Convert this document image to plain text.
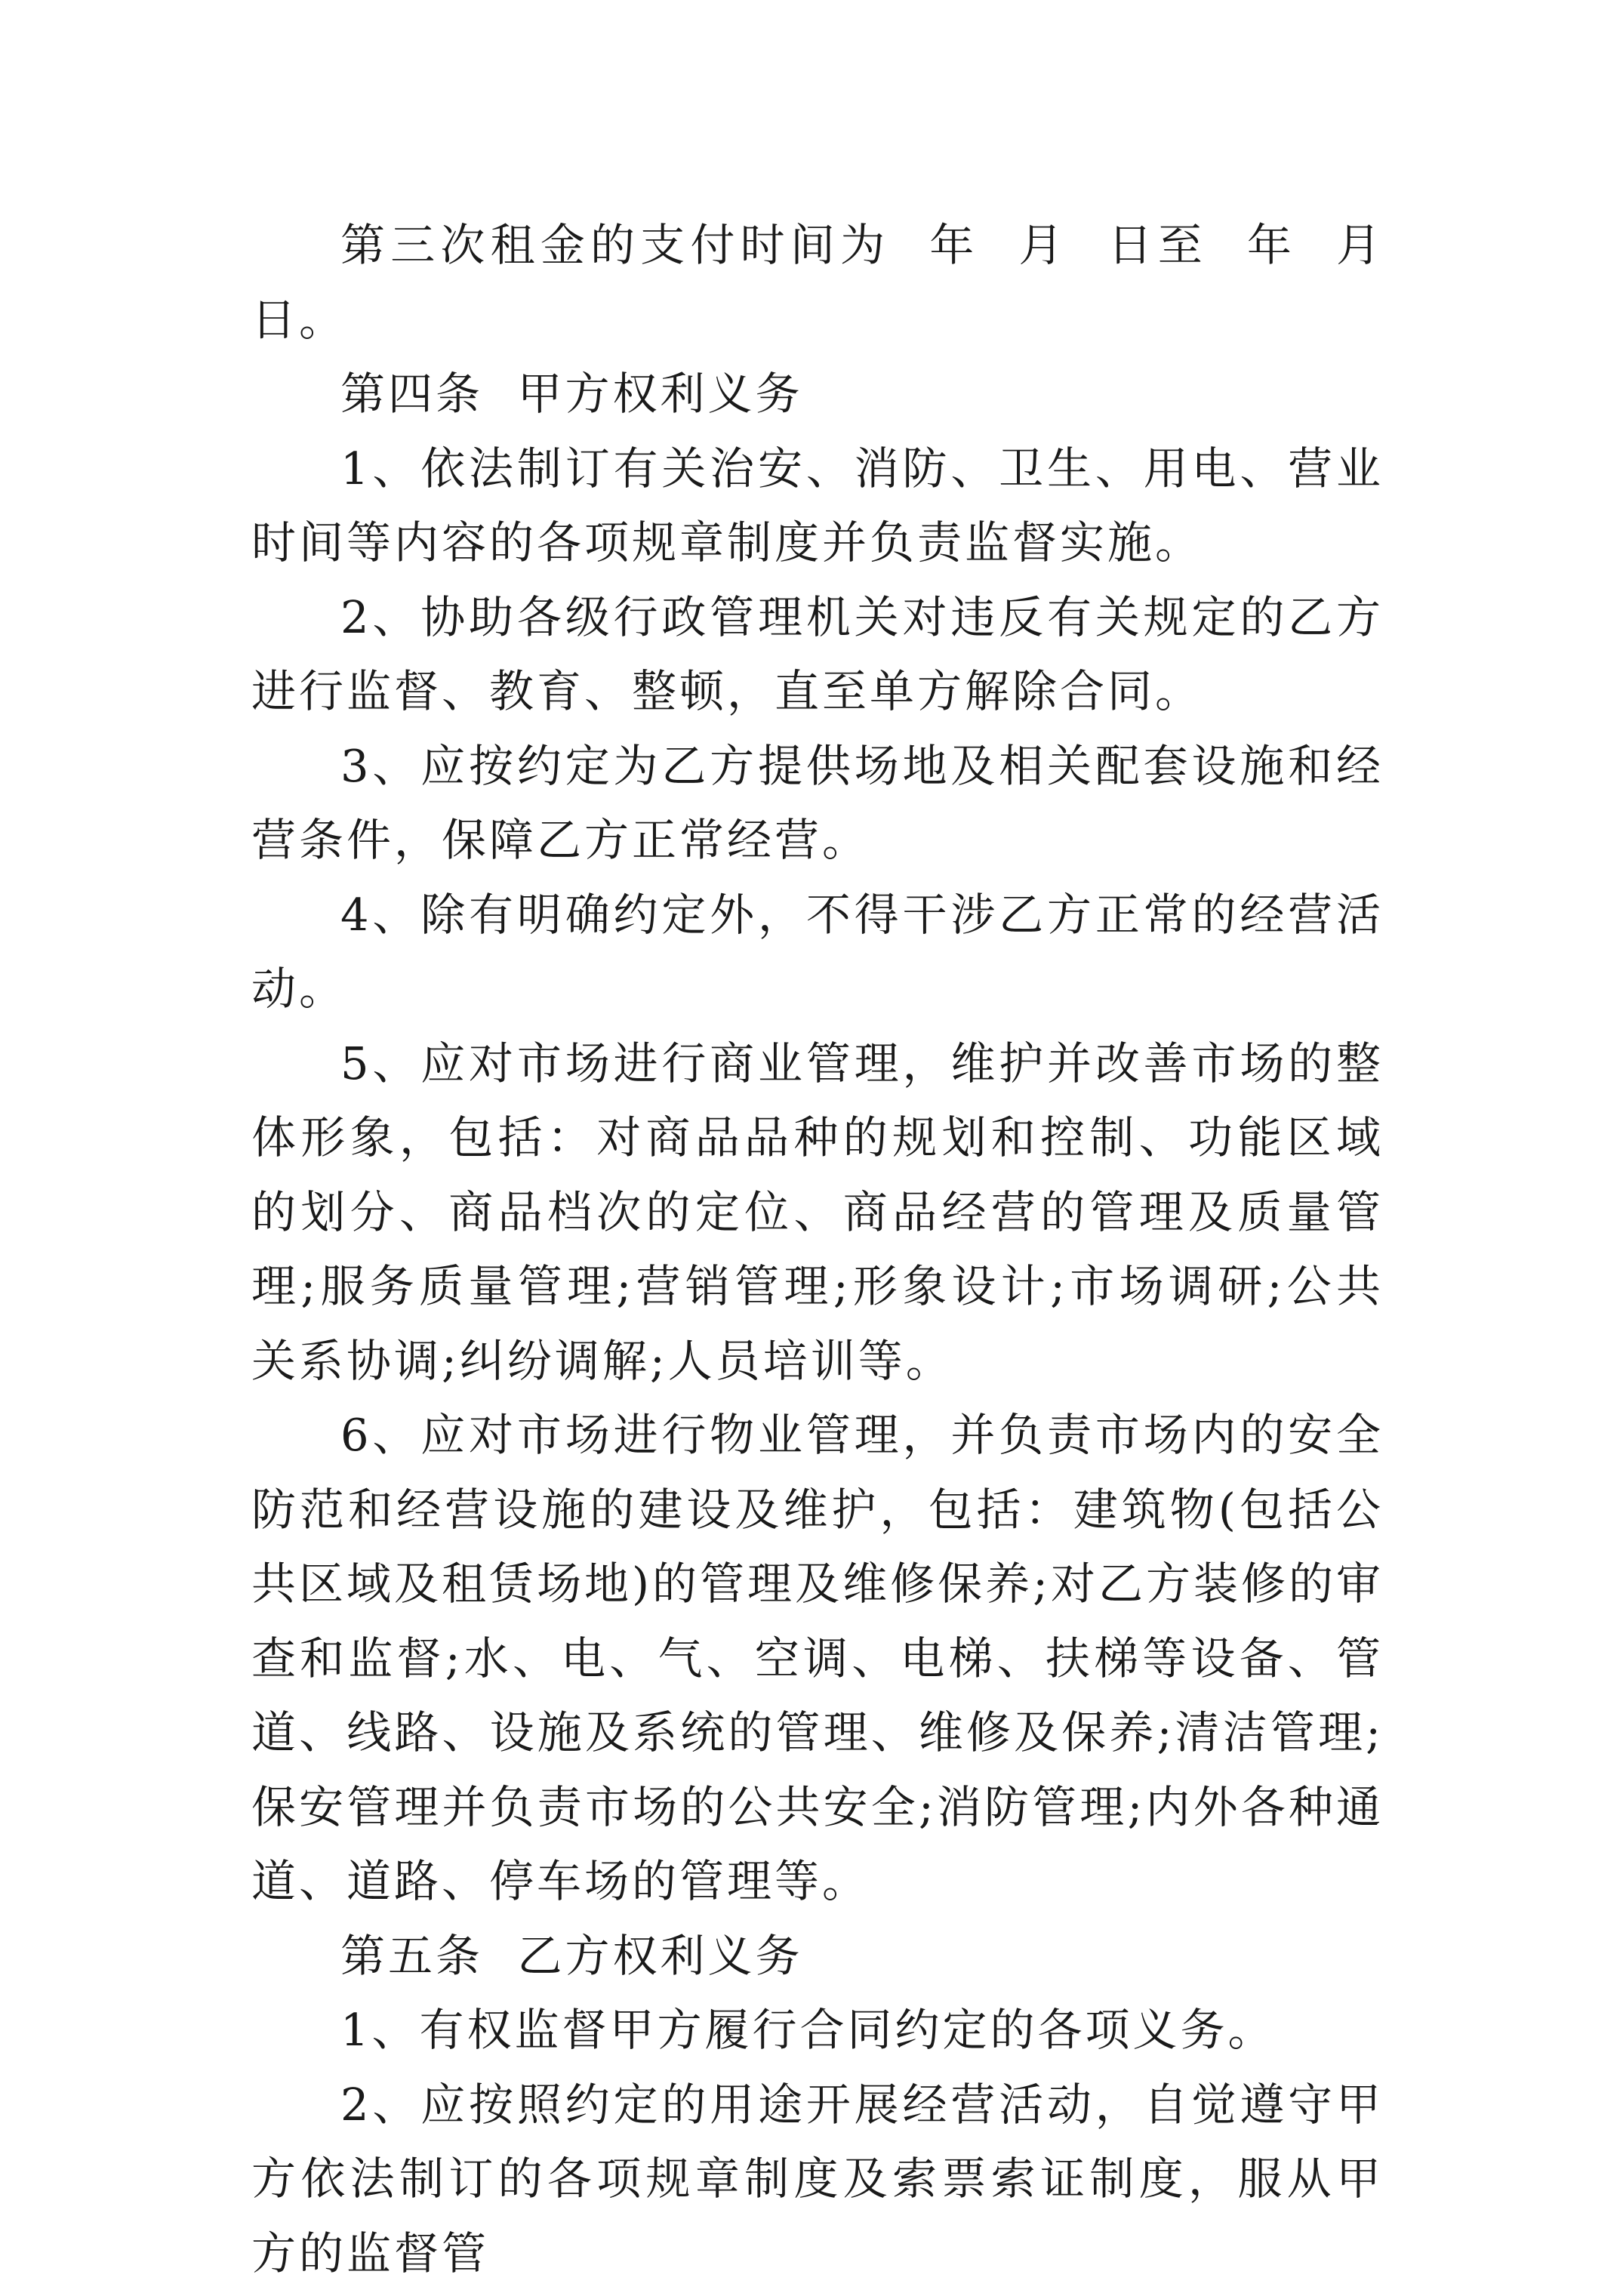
第三次租金的支付时间为  年  月  日至  年  月  日。

第四条  甲方权利义务

1、依法制订有关治安、消防、卫生、用电、营业时间等内容的各项规章制度并负责监督实施。

2、协助各级行政管理机关对违反有关规定的乙方进行监督、教育、整顿，直至单方解除合同。

3、应按约定为乙方提供场地及相关配套设施和经营条件，保障乙方正常经营。

4、除有明确约定外，不得干涉乙方正常的经营活动。

5、应对市场进行商业管理，维护并改善市场的整体形象，包括：对商品品种的规划和控制、功能区域的划分、商品档次的定位、商品经营的管理及质量管理;服务质量管理;营销管理;形象设计;市场调研;公共关系协调;纠纷调解;人员培训等。

6、应对市场进行物业管理，并负责市场内的安全防范和经营设施的建设及维护，包括：建筑物(包括公共区域及租赁场地)的管理及维修保养;对乙方装修的审查和监督;水、电、气、空调、电梯、扶梯等设备、管道、线路、设施及系统的管理、维修及保养;清洁管理;保安管理并负责市场的公共安全;消防管理;内外各种通道、道路、停车场的管理等。

第五条  乙方权利义务

1、有权监督甲方履行合同约定的各项义务。

2、应按照约定的用途开展经营活动，自觉遵守甲方依法制订的各项规章制度及索票索证制度，服从甲方的监督管
